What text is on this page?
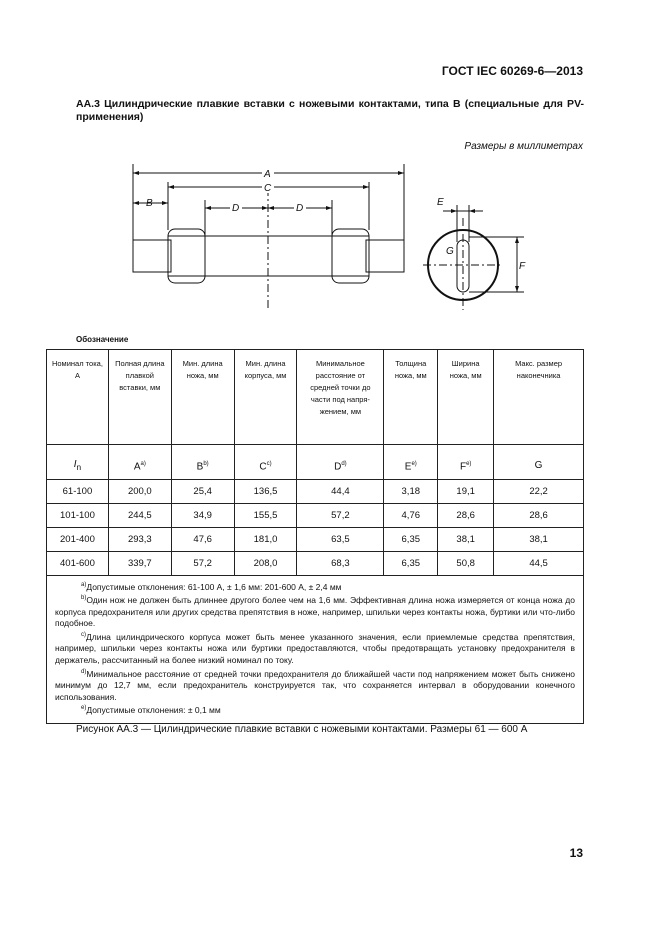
ГОСТ IEC 60269-6—2013
АА.3 Цилиндрические плавкие вставки с ножевыми контактами, типа В (специальные для PV-применения)
Размеры в миллиметрах
A
C
B	D	D
E
F
G
Обозначение
Номинал тока, А	Полная длина плавкой вставки, мм	Мин. длина ножа, мм	Мин. длина корпуса, мм	Минимальное расстояние от средней точки до части под напря-жением, мм	Толщина ножа, мм	Ширина ножа, мм	Макс. размер наконечника
$I_n$	$A^{a)}$	$B^{b)}$	$C^{c)}$	$D^{d)}$	$E^{e)}$	$F^{e)}$	G
61-100	200,0	25,4	136,5	44,4	3,18	19,1	22,2
101-100	244,5	34,9	155,5	57,2	4,76	28,6	28,6
201-400	293,3	47,6	181,0	63,5	6,35	38,1	38,1
401-600	339,7	57,2	208,0	68,3	6,35	50,8	44,5

$^{a)}$Допустимые отклонения: 61-100 А, ± 1,6 мм: 201-600 А, ± 2,4 мм
$^{b)}$Один нож не должен быть длиннее другого более чем на 1,6 мм. Эффективная длина ножа измеряется от конца ножа до корпуса предохранителя или других средства препятствия в ноже, например, шпильки через контакты ножа, буртики или что-либо подобное.
$^{c)}$Длина цилиндрического корпуса может быть менее указанного значения, если приемлемые средства препятствия, например, шпильки через контакты ножа или буртики предоставляются, чтобы предотвращать установку предохранителя в держатель, рассчитанный на более низкий номинал по току.
$^{d)}$Минимальное расстояние от средней точки предохранителя до ближайшей части под напряжением может быть снижено минимум до 12,7 мм, если предохранитель конструируется так, что сохраняется интервал в оборудовании конечного использования.
$^{e)}$Допустимые отклонения: ± 0,1 мм							
Рисунок АА.3 — Цилиндрические плавкие вставки с ножевыми контактами. Размеры 61 — 600 А
13
